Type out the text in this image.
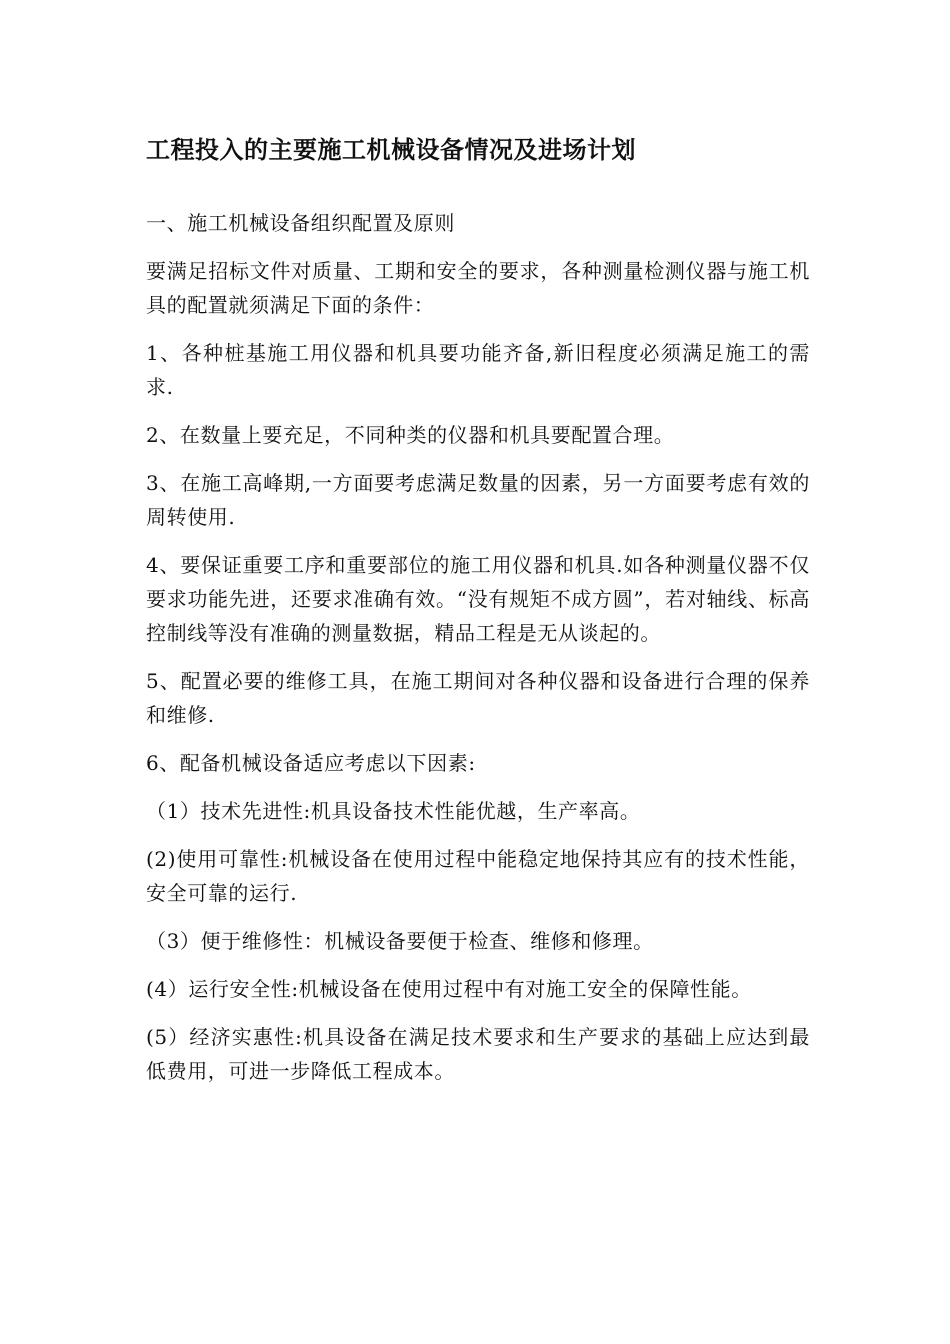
工程投入的主要施工机械设备情况及进场计划

一、施工机械设备组织配置及原则

要满足招标文件对质量、工期和安全的要求，各种测量检测仪器与施工机具的配置就须满足下面的条件：

1、各种桩基施工用仪器和机具要功能齐备,新旧程度必须满足施工的需求.

2、在数量上要充足，不同种类的仪器和机具要配置合理。

3、在施工高峰期,一方面要考虑满足数量的因素，另一方面要考虑有效的周转使用.

4、要保证重要工序和重要部位的施工用仪器和机具.如各种测量仪器不仅要求功能先进，还要求准确有效。“没有规矩不成方圆”，若对轴线、标高控制线等没有准确的测量数据，精品工程是无从谈起的。

5、配置必要的维修工具，在施工期间对各种仪器和设备进行合理的保养和维修.

6、配备机械设备适应考虑以下因素:

（1）技术先进性:机具设备技术性能优越，生产率高。

(2)使用可靠性:机械设备在使用过程中能稳定地保持其应有的技术性能，安全可靠的运行.

（3）便于维修性：机械设备要便于检查、维修和修理。

(4）运行安全性:机械设备在使用过程中有对施工安全的保障性能。

(5）经济实惠性:机具设备在满足技术要求和生产要求的基础上应达到最低费用，可进一步降低工程成本。
